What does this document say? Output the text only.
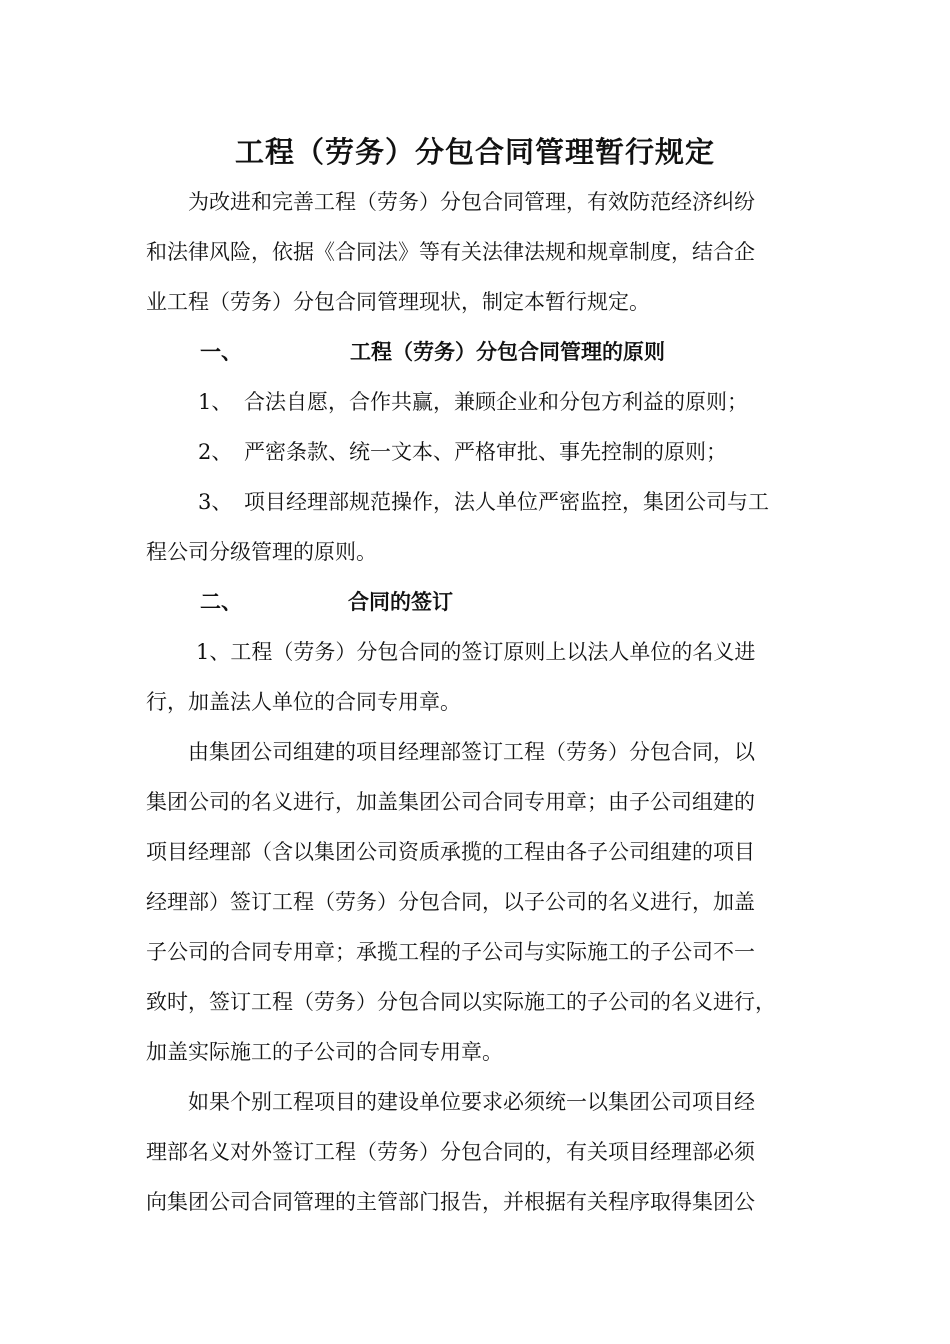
工程（劳务）分包合同管理暂行规定
为改进和完善工程（劳务）分包合同管理，有效防范经济纠纷
和法律风险，依据《合同法》等有关法律法规和规章制度，结合企
业工程（劳务）分包合同管理现状，制定本暂行规定。
一、	工程（劳务）分包合同管理的原则
1、 合法自愿，合作共赢，兼顾企业和分包方利益的原则；
2、 严密条款、统一文本、严格审批、事先控制的原则；
3、 项目经理部规范操作，法人单位严密监控，集团公司与工
程公司分级管理的原则。
二、	合同的签订
1、工程（劳务）分包合同的签订原则上以法人单位的名义进
行，加盖法人单位的合同专用章。
由集团公司组建的项目经理部签订工程（劳务）分包合同，以
集团公司的名义进行，加盖集团公司合同专用章；由子公司组建的
项目经理部（含以集团公司资质承揽的工程由各子公司组建的项目
经理部）签订工程（劳务）分包合同，以子公司的名义进行，加盖
子公司的合同专用章；承揽工程的子公司与实际施工的子公司不一
致时，签订工程（劳务）分包合同以实际施工的子公司的名义进行，
加盖实际施工的子公司的合同专用章。
如果个别工程项目的建设单位要求必须统一以集团公司项目经
理部名义对外签订工程（劳务）分包合同的，有关项目经理部必须
向集团公司合同管理的主管部门报告，并根据有关程序取得集团公
